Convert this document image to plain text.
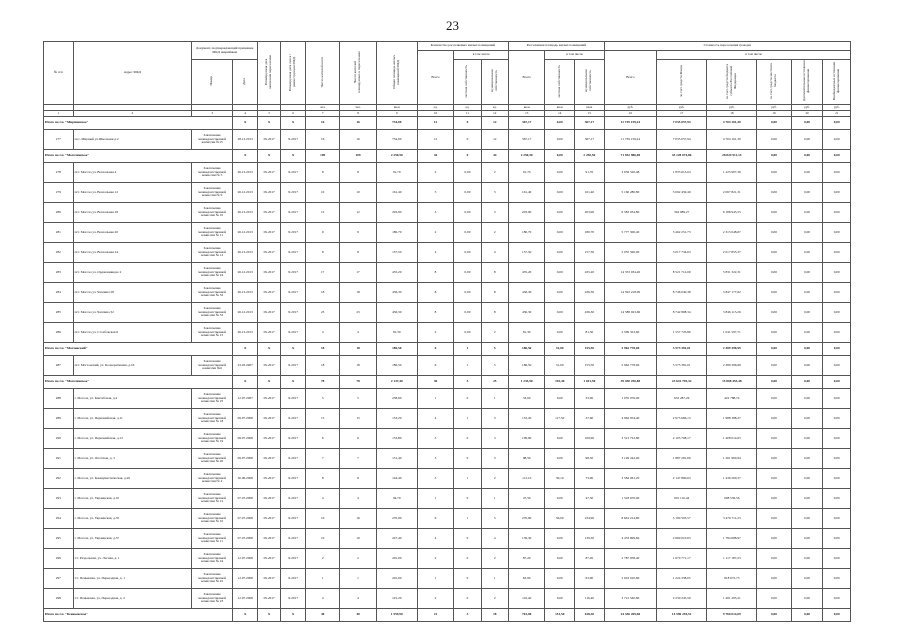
23
№ п/п	Адрес МКД	Документ, подтверждающий признание МКД аварийным		Планируемая дата окончания переселения	Планируемая дата сноса / реконструкции МКД	Число жителей всего	Число жителей планируемых к переселению	Общая площадь жилых помещений МКД	Количество расселяемых жилых помещений			Расселяемая площадь жилых помещений			Стоимость переселения граждан					
									Всего	в том числе		Всего	в том числе		Всего	в том числе				
		Номер	Дата							частная собственность	муниципальная собственность		частная собственность	муниципальная собственность		за счет средств Фонда	за счет средств бюджета субъекта Российской Федерации	за счет средств местного бюджета	Дополнительные источники финансирования	Внебюджетные источники финансирования
						чел.	чел.	кв.м	ед.	ед.	ед.	кв.м	кв.м	кв.м	руб.	руб.	руб.	руб.	руб.	руб.
1	2	3	4	5	6	7	8	9	10	11	12	13	14	15	16	17	18	19	20	21
Итого по г.п. "Мирнинское"			X	X	X	16	16	734,00	12	0	12	367,17	0,00	367,17	11 739 159,24	7 035 057,94	4 704 101,30	0,00	0,00	0,00
277	пос. Мирный ул.Школьная д.2	Заключение межведомственной комиссии №15	28.12.2013	IX.2017	X.2017	16	16	734,00	12	0	12	367,17	0,00	367,17	11 739 159,24	7 035 057,94	4 704 101,30	0,00	0,00	0,00
Итого по г.п. "Могочинское"			X	X	X	109	109	2 250,50	44	0	44	2 250,50	0,00	2 250,50	71 952 986,00	43 128 074,86	28 824 911,14	0,00	0,00	0,00
278	пгт. Могоча ул. Вокзальная 4	Заключение межведомственной комиссии № 5	26.12.2013	IX.2017	X.2017	8	8	91,70	2	0,00	2	91,70	0,00	91,70	3 059 520,48	1 833 613,04	1 225 907,36	0,00	0,00	0,00
279	пгт. Могоча ул. Вокзальная 12	Заключение межведомственной комиссии № 9	26.12.2013	IX.2017	X.2017	10	10	161,40	3	0,00	3	161,40	0,00	161,40	5 160 280,80	3 092 459,49	2 067 821,31	0,00	0,00	0,00
280	пгт. Могоча ул. Вокзальная 18	Заключение межведомственной комиссии № 10	26.12.2013	IX.2017	X.2017	12	12	203,90	3	0,00	3	203,90	0,00	203,90	6 583 034,80	394 089,27	6 188 945,53	0,00	0,00	0,00
281	пгт. Могоча ул. Вокзальная 20	Заключение межведомственной комиссии № 11	26.12.2013	IX.2017	X.2017	9	9	180,70	2	0,00	2	180,70	0,00	180,70	5 777 300,40	3 462 251,73	2 315 048,67	0,00	0,00	0,00
282	пгт. Могоча ул. Вокзальная 24	Заключение межведомственной комиссии № 12	26.12.2013	IX.2017	X.2017	8	8	157,50	4	0,00	4	157,50	0,00	157,50	5 035 590,00	3 017 734,63	2 017 855,37	0,00	0,00	0,00
283	пгт. Могоча ул. Орджоникидзе 2	Заключение межведомственной комиссии № 24	26.12.2013	IX.2017	X.2017	17	17	435,20	8	0,00	8	435,20	0,00	435,20	14 353 034,40	8 521 712,09	5 831 322,31	0,00	0,00	0,00
284	пгт. Могоча ул. Чаплина 28	Заключение межведомственной комиссии № 32	26.12.2013	IX.2017	X.2017	18	18	436,30	8	0,00	8	436,30	0,00	436,30	14 593 218,00	8 746 040,38	5 847 177,62	0,00	0,00	0,00
285	пгт. Могоча ул. Чаплина 32	Заключение межведомственной комиссии № 33	26.12.2013	IX.2017	X.2017	23	23	436,30	8	0,00	8	436,30	0,00	436,30	14 588 923,60	8 742 808,34	5 846 115,26	0,00	0,00	0,00
286	пгт. Могоча ул. Столбовская 6	Заключение межведомственной комиссии № 15	26.12.2013	IX.2017	X.2017	4	4	81,30	2	0,00	2	81,30	0,00	81,30	2 599 323,60	1 557 725,89	1 041 597,71	0,00	0,00	0,00
Итого по г.п. "Могзонский"			X	X	X	18	18	186,50	6	1	5	186,50	31,00	155,50	5 962 778,00	3 573 381,01	2 389 396,99	0,00	0,00	0,00
287	пгт. Могзонский, ул. Кооперативная, д.16	Заключение межведомственной комиссии №6	23.03.2007	IX.2017	X.2017	18	18	186,50	6	1	5	186,50	31,00	155,50	5 962 778,00	3 573 381,01	2 389 396,99	0,00	0,00	0,00
Итого по г.п. "Могочинское"			X	X	X	78	78	2 137,40	30	5	25	1 233,90	192,40	1 041,50	39 450 250,80	23 641 795,32	15 808 455,48	0,00	0,00	0,00
288	г. Могоча, ул. Кантабская, д.4	Заключение межведомственной комиссии № 25	12.07.2007	IX.2017	X.2017	5	5	238,60	1	0	1	33,00	0,00	33,00	1 055 076,00	632 287,26	422 788,74	0,00	0,00	0,00
289	г. Могоча, ул. Первомайская, д.11	Заключение межведомственной комиссии № 18	09.07.2008	IX.2017	X.2017	15	15	153,20	4	1	3	153,20	117,50	37,60	4 962 054,40	2 973 666,13	1 988 388,27	0,00	0,00	0,00
290	г. Могоча, ул. Первомайская, д.13	Заключение межведомственной комиссии № 19	09.07.2008	IX.2017	X.2017	6	6	153,80	3	0	3	109,90	0,00	109,90	3 513 722,80	2 105 708,17	1 408 014,63	0,00	0,00	0,00
291	г. Могоча, ул. Охотская, д. 3	Заключение межведомственной комиссии № 20	09.07.2008	IX.2017	X.2017	7	7	131,40	3	0	3	98,50	0,00	98,50	3 149 242,00	1 887 281,06	1 261 960,94	0,00	0,00	0,00
292	г. Могоча, ул. Коммунистическая, д.29	Заключение межведомственной комиссии № 4	30.06.2008	IX.2017	X.2017	8	8	144,40	3	1	2	112,10	39,10	73,00	3 584 061,20	2 147 860,63	1 436 200,57	0,00	0,00	0,00
293	г. Могоча, ул. Украинская, д.10	Заключение межведомственной комиссии № 12	07.07.2008	IX.2017	X.2017	4	4	94,70	1	0	1	47,50	0,00	47,50	1 518 670,00	910 110,44	608 559,56	0,00	0,00	0,00
294	г. Могоча, ул. Украинская, д.35	Заключение межведомственной комиссии № 10	07.07.2008	IX.2017	X.2017	16	16	270,90	6	1	5	270,90	36,00	234,90	8 661 214,80	5 190 503,57	3 470 711,23	0,00	0,00	0,00
295	г. Могоча, ул. Украинская, д.37	Заключение межведомственной комиссии № 11	07.07.2008	IX.2017	X.2017	10	10	247,40	4	0	4	139,30	0,00	139,30	4 453 699,60	2 669 010,63	1 784 688,97	0,00	0,00	0,00
296	Ст. Раздольная, ул. Лесная, д. 1	Заключение межведомственной комиссии № 24	12.07.2008	IX.2017	X.2017	2	2	245,00	2	0	2	87,20	0,00	87,20	2 787 958,40	1 670 771,17	1 117 187,23	0,00	0,00	0,00
297	Ст. Пеньковая, ул. Переездная, д. 1	Заключение межведомственной комиссии № 22	12.07.2008	IX.2017	X.2017	1	1	245,00	1	0	1	63,90	0,00	63,90	2 043 010,80	1 224 338,05	818 672,75	0,00	0,00	0,00
298	Ст. Пеньковая, ул. Переездная, д. 2	Заключение межведомственной комиссии № 23	12.07.2008	IX.2017	X.2017	4	4	191,20	2	0	2	116,40	0,00	116,40	3 721 540,80	2 230 245,59	1 491 295,21	0,00	0,00	0,00
Итого по г.п. "Ксеньевское"			X	X	X	40	40	1 559,90	21	3	18	761,00	151,50	618,30	24 356 269,60	14 596 255,51	9 760 014,09	0,00	0,00	0,00
